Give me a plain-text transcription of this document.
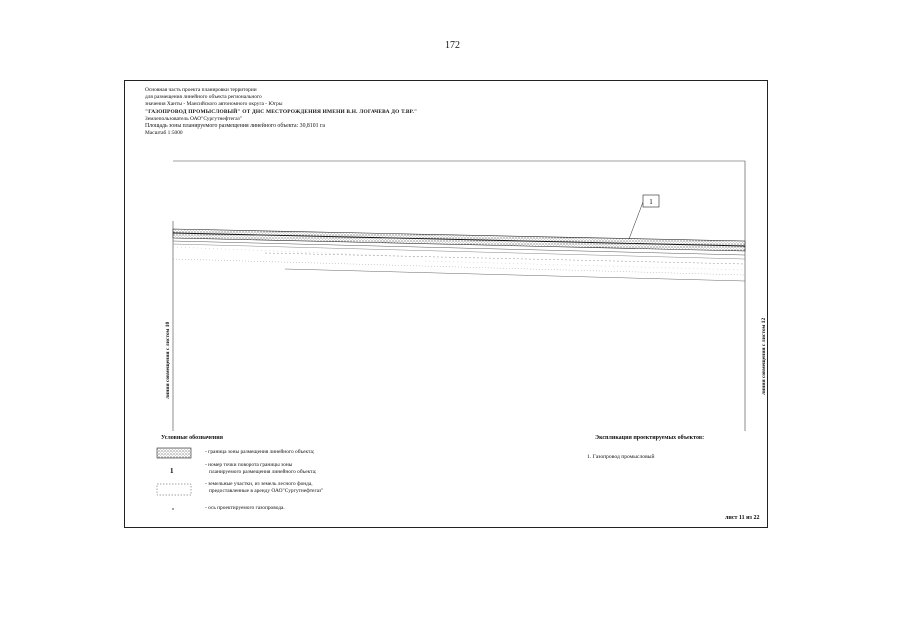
172
Основная часть проекта планировки территории
для размещения линейного объекта регионального
значения Ханты - Мансийского автономного округа - Югры
"ГАЗОПРОВОД ПРОМЫСЛОВЫЙ" ОТ ДНС МЕСТОРОЖДЕНИЯ ИМЕНИ В.Н. ЛОГАЧЕВА ДО Т.ВР."
Землепользователь ОАО"Сургутнефтегаз"
Площадь зоны планируемого размещения линейного объекта: 30,8101 га
Масштаб 1:5000
1
1
линия совмещения с листом 10	линия совмещения с листом 12
Условные обозначения
- граница зоны размещения линейного объекта;
- номер точки поворота границы зоны
планируемого размещения линейного объекта;
- земельные участки, из земель лесного фонда,
предоставленные в аренду ОАО"Сургутнефтегаз"
- ось проектируемого газопровода.
Экспликация проектируемых объектов:
1. Газопровод промысловый
лист 11 из 22
